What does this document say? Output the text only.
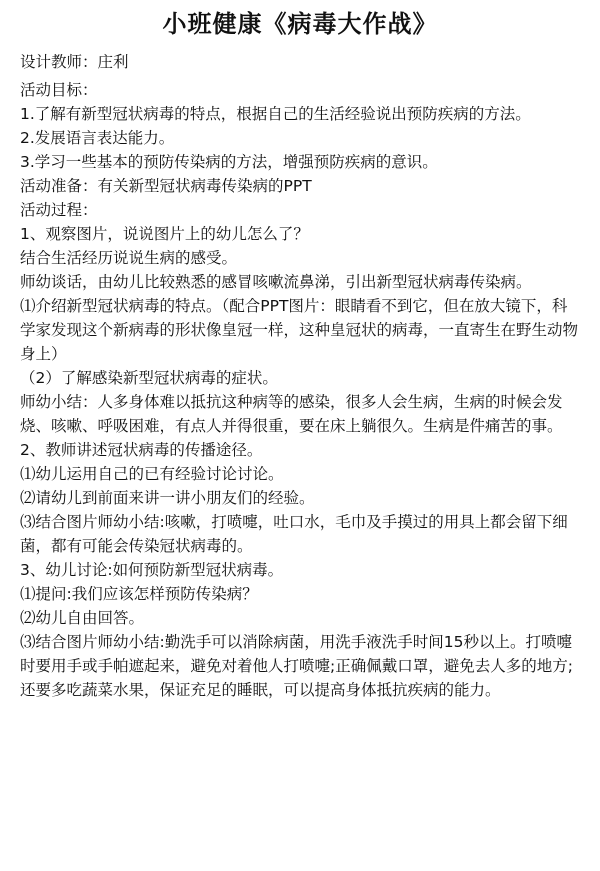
小班健康《病毒大作战》

设计教师：庄利

活动目标：

1.了解有新型冠状病毒的特点，根据自己的生活经验说出预防疾病的方法。

2.发展语言表达能力。

3.学习一些基本的预防传染病的方法，增强预防疾病的意识。

活动准备：有关新型冠状病毒传染病的PPT

活动过程：

1、观察图片，说说图片上的幼儿怎么了？

结合生活经历说说生病的感受。

师幼谈话，由幼儿比较熟悉的感冒咳嗽流鼻涕，引出新型冠状病毒传染病。

⑴介绍新型冠状病毒的特点。（配合PPT图片：眼睛看不到它，但在放大镜下，科学家发现这个新病毒的形状像皇冠一样，这种皇冠状的病毒，一直寄生在野生动物身上）

（2）了解感染新型冠状病毒的症状。

师幼小结：人多身体难以抵抗这种病等的感染，很多人会生病，生病的时候会发烧、咳嗽、呼吸困难，有点人并得很重，要在床上躺很久。生病是件痛苦的事。

2、教师讲述冠状病毒的传播途径。

⑴幼儿运用自己的已有经验讨论讨论。

⑵请幼儿到前面来讲一讲小朋友们的经验。

⑶结合图片师幼小结:咳嗽，打喷嚏，吐口水，毛巾及手摸过的用具上都会留下细菌，都有可能会传染冠状病毒的。

3、幼儿讨论:如何预防新型冠状病毒。

⑴提问:我们应该怎样预防传染病？

⑵幼儿自由回答。

⑶结合图片师幼小结:勤洗手可以消除病菌，用洗手液洗手时间15秒以上。打喷嚏时要用手或手帕遮起来，避免对着他人打喷嚏;正确佩戴口罩，避免去人多的地方;还要多吃蔬菜水果，保证充足的睡眠，可以提高身体抵抗疾病的能力。
